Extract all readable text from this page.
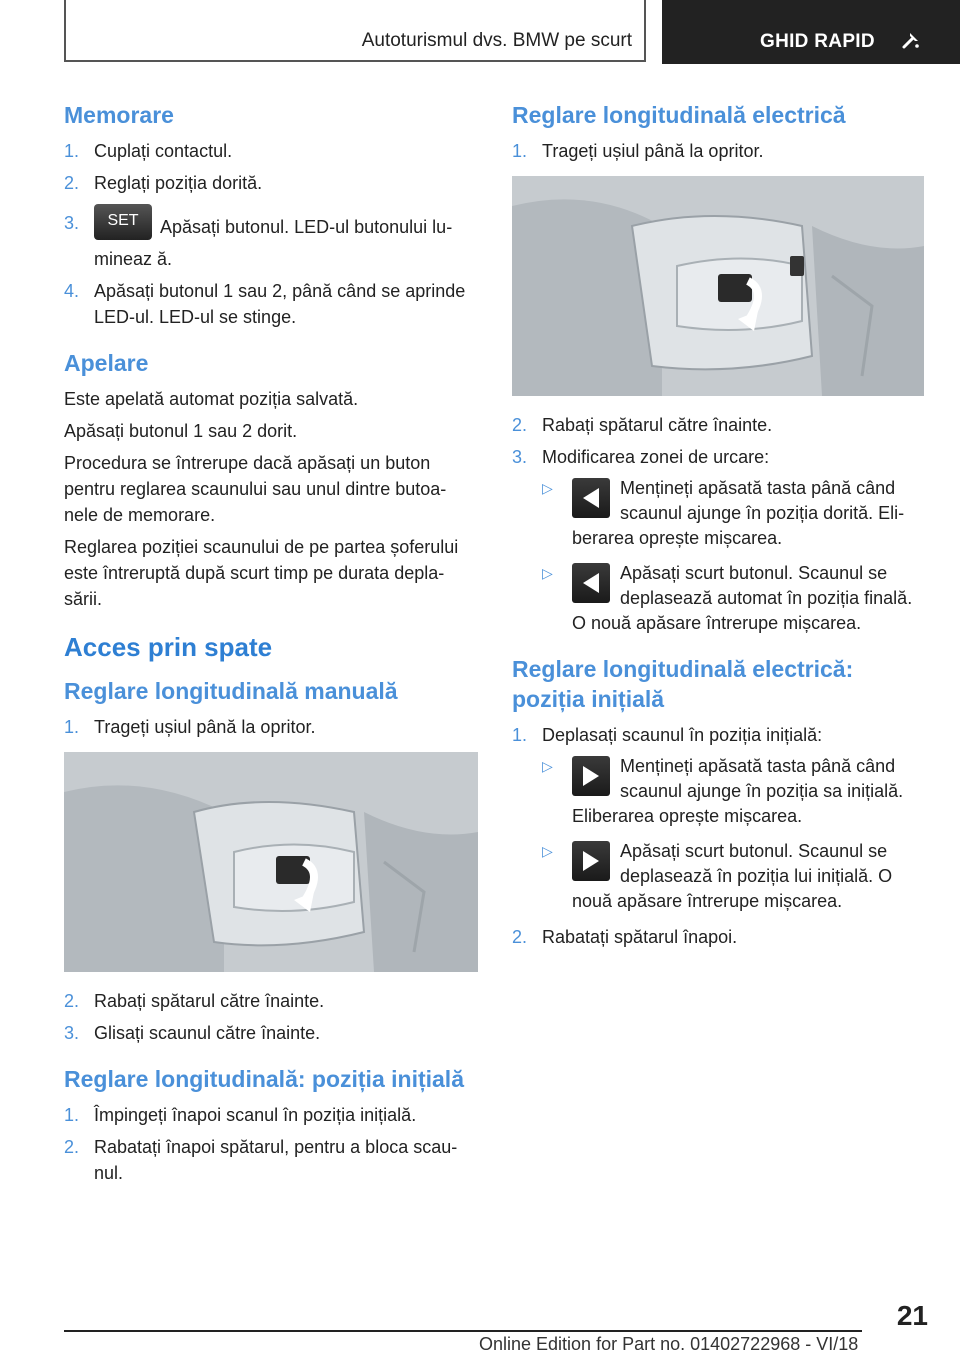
Autoturismul dvs. BMW pe scurt	GHID RAPID
Memorare
1. Cuplați contactul.
2. Reglați poziția dorită.
3. SET Apăsați butonul. LED-ul butonului lu-mineaz ă.
4. Apăsați butonul 1 sau 2, până când se aprinde LED-ul. LED-ul se stinge.
Apelare

Este apelată automat poziția salvată.

Apăsați butonul 1 sau 2 dorit.

Procedura se întrerupe dacă apăsați un buton pentru reglarea scaunului sau unul dintre butoa-nele de memorare.

Reglarea poziției scaunului de pe partea șoferului este întreruptă după scurt timp pe durata depla-sării.

Acces prin spate
Reglare longitudinală manuală
1. Trageți ușiul până la opritor.
2. Rabați spătarul către înainte.
3. Glisați scaunul către înainte.
Reglare longitudinală: poziția inițială
1. Împingeți înapoi scanul în poziția inițială.
2. Rabatați înapoi spătarul, pentru a bloca scau-nul.
Reglare longitudinală electrică
1. Trageți ușiul până la opritor.
2. Rabați spătarul către înainte.
3. Modificarea zonei de urcare:
▷	Mențineți apăsată tasta până când scaunul ajunge în poziția dorită. Eli-berarea oprește mișcarea.
▷	Apăsați scurt butonul. Scaunul se deplasează automat în poziția finală. O nouă apăsare întrerupe mișcarea.
Reglare longitudinală electrică: poziția inițială
1. Deplasați scaunul în poziția inițială:
▷	Mențineți apăsată tasta până când scaunul ajunge în poziția sa inițială. Eliberarea oprește mișcarea.
▷	Apăsați scurt butonul. Scaunul se deplasează în poziția lui inițială. O nouă apăsare întrerupe mișcarea.
2. Rabatați spătarul înapoi.
21
Online Edition for Part no. 01402722968 - VI/18
